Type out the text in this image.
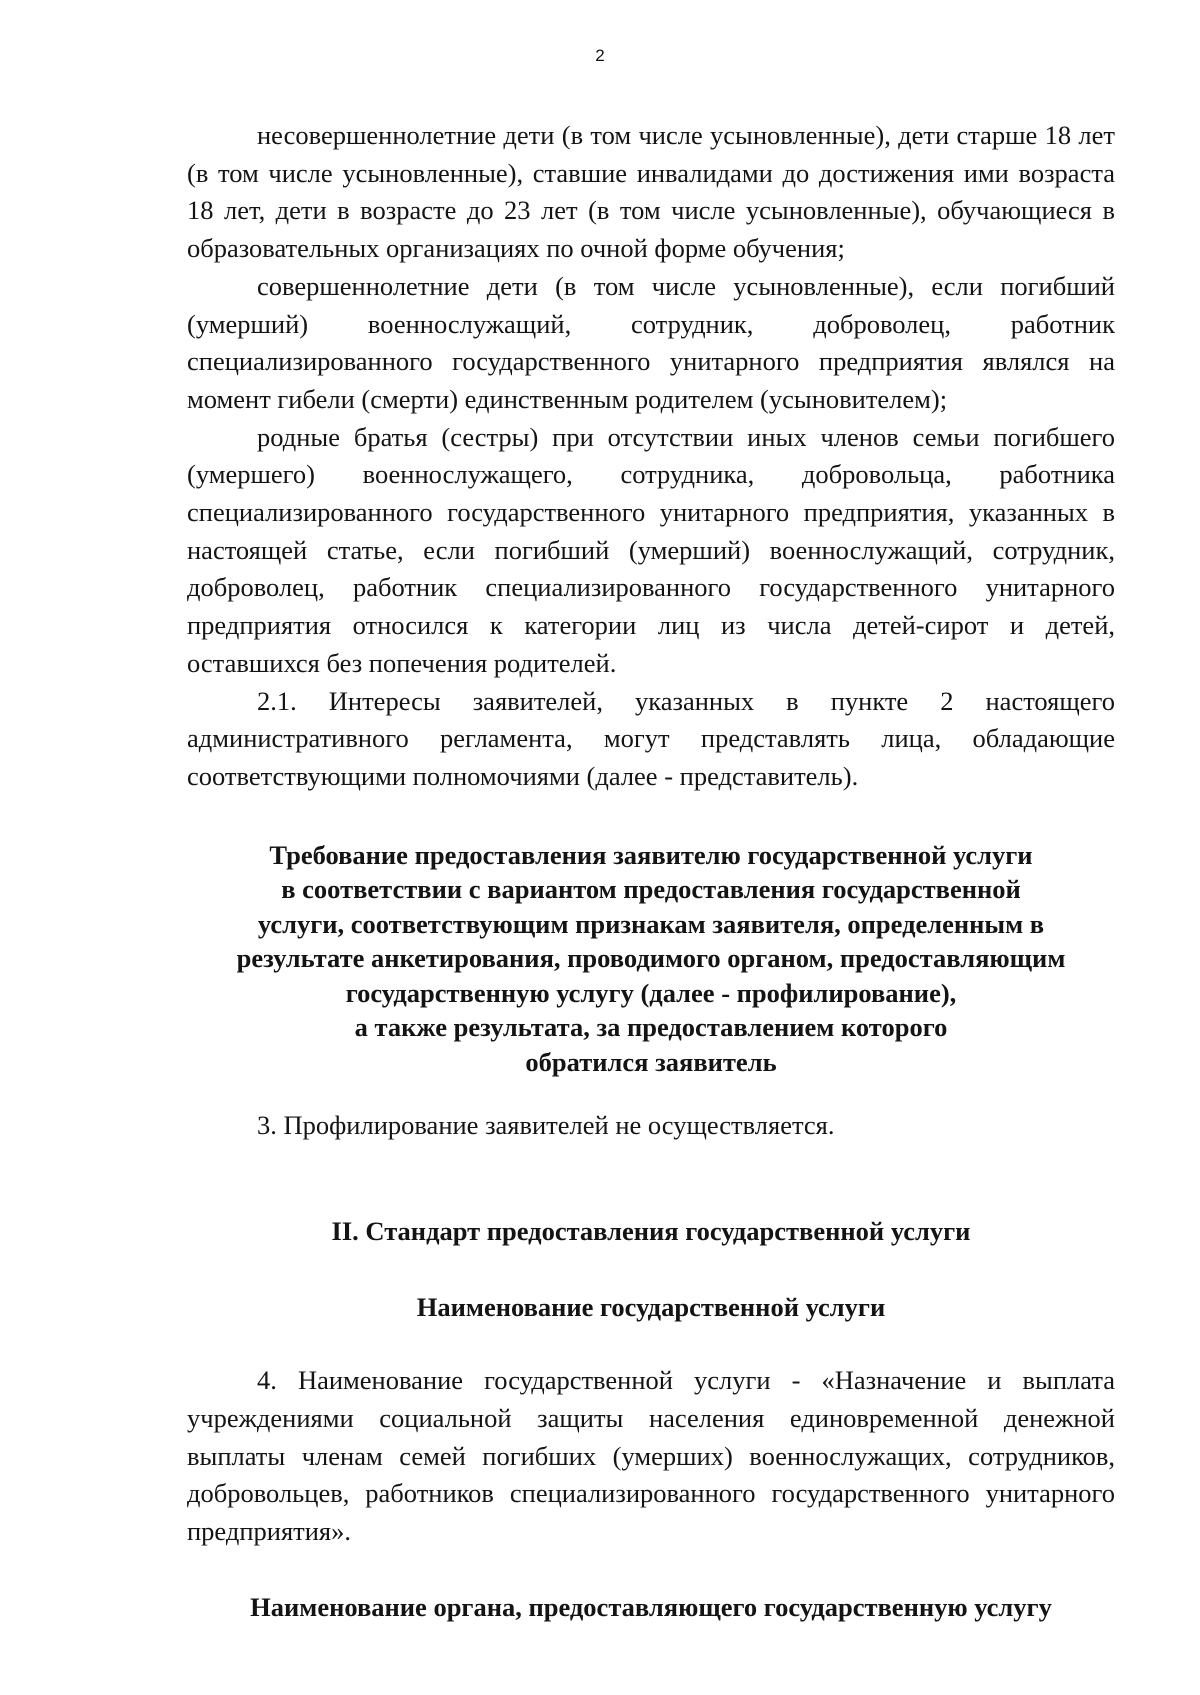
2

несовершеннолетние дети (в том числе усыновленные), дети старше 18 лет (в том числе усыновленные), ставшие инвалидами до достижения ими возраста 18 лет, дети в возрасте до 23 лет (в том числе усыновленные), обучающиеся в образовательных организациях по очной форме обучения;

совершеннолетние дети (в том числе усыновленные), если погибший (умерший) военнослужащий, сотрудник, доброволец, работник специализированного государственного унитарного предприятия являлся на момент гибели (смерти) единственным родителем (усыновителем);

родные братья (сестры) при отсутствии иных членов семьи погибшего (умершего) военнослужащего, сотрудника, добровольца, работника специализированного государственного унитарного предприятия, указанных в настоящей статье, если погибший (умерший) военнослужащий, сотрудник, доброволец, работник специализированного государственного унитарного предприятия относился к категории лиц из числа детей-сирот и детей, оставшихся без попечения родителей.

2.1. Интересы заявителей, указанных в пункте 2 настоящего административного регламента, могут представлять лица, обладающие соответствующими полномочиями (далее - представитель).

Требование предоставления заявителю государственной услуги
в соответствии с вариантом предоставления государственной
услуги, соответствующим признакам заявителя, определенным в
результате анкетирования, проводимого органом, предоставляющим
государственную услугу (далее - профилирование),
а также результата, за предоставлением которого
обратился заявитель

3. Профилирование заявителей не осуществляется.

II. Стандарт предоставления государственной услуги

Наименование государственной услуги

4. Наименование государственной услуги - «Назначение и выплата учреждениями социальной защиты населения единовременной денежной выплаты членам семей погибших (умерших) военнослужащих, сотрудников, добровольцев, работников специализированного государственного унитарного предприятия».

Наименование органа, предоставляющего государственную услугу
